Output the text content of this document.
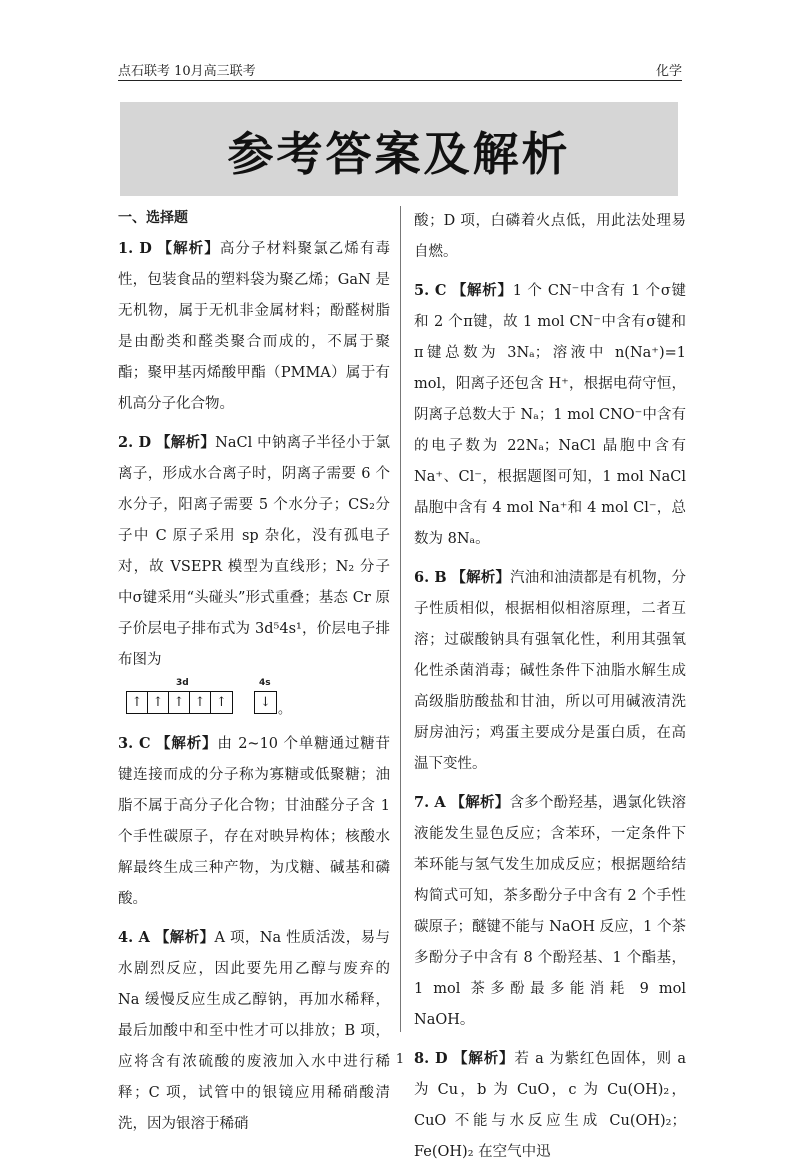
点石联考 10月高三联考	化学
参考答案及解析
一、选择题

1. D 【解析】高分子材料聚氯乙烯有毒性，包装食品的塑料袋为聚乙烯；GaN 是无机物，属于无机非金属材料；酚醛树脂是由酚类和醛类聚合而成的，不属于聚酯；聚甲基丙烯酸甲酯（PMMA）属于有机高分子化合物。

2. D 【解析】NaCl 中钠离子半径小于氯离子，形成水合离子时，阴离子需要 6 个水分子，阳离子需要 5 个水分子；CS₂分子中 C 原子采用 sp 杂化，没有孤电子对，故 VSEPR 模型为直线形；N₂ 分子中σ键采用“头碰头”形式重叠；基态 Cr 原子价层电子排布式为 3d⁵4s¹，价层电子排布图为

3d	4s
↑ ↑ ↑ ↑ ↑	↓ 。

3. C 【解析】由 2~10 个单糖通过糖苷键连接而成的分子称为寡糖或低聚糖；油脂不属于高分子化合物；甘油醛分子含 1 个手性碳原子，存在对映异构体；核酸水解最终生成三种产物，为戊糖、碱基和磷酸。

4. A 【解析】A 项，Na 性质活泼，易与水剧烈反应，因此要先用乙醇与废弃的 Na 缓慢反应生成乙醇钠，再加水稀释，最后加酸中和至中性才可以排放；B 项，应将含有浓硫酸的废液加入水中进行稀释；C 项，试管中的银镜应用稀硝酸清洗，因为银溶于稀硝

酸；D 项，白磷着火点低，用此法处理易自燃。

5. C 【解析】1 个 CN⁻中含有 1 个σ键和 2 个π键，故 1 mol CN⁻中含有σ键和π键总数为 3Nₐ；溶液中 n(Na⁺)=1 mol，阳离子还包含 H⁺，根据电荷守恒，阴离子总数大于 Nₐ；1 mol CNO⁻中含有的电子数为 22Nₐ；NaCl 晶胞中含有 Na⁺、Cl⁻，根据题图可知，1 mol NaCl 晶胞中含有 4 mol Na⁺和 4 mol Cl⁻，总数为 8Nₐ。

6. B 【解析】汽油和油渍都是有机物，分子性质相似，根据相似相溶原理，二者互溶；过碳酸钠具有强氧化性，利用其强氧化性杀菌消毒；碱性条件下油脂水解生成高级脂肪酸盐和甘油，所以可用碱液清洗厨房油污；鸡蛋主要成分是蛋白质，在高温下变性。

7. A 【解析】含多个酚羟基，遇氯化铁溶液能发生显色反应；含苯环，一定条件下苯环能与氢气发生加成反应；根据题给结构简式可知，茶多酚分子中含有 2 个手性碳原子；醚键不能与 NaOH 反应，1 个茶多酚分子中含有 8 个酚羟基、1 个酯基，1 mol 茶多酚最多能消耗 9 mol NaOH。

8. D 【解析】若 a 为紫红色固体，则 a 为 Cu，b 为 CuO，c 为 Cu(OH)₂，CuO 不能与水反应生成 Cu(OH)₂；Fe(OH)₂ 在空气中迅

1
